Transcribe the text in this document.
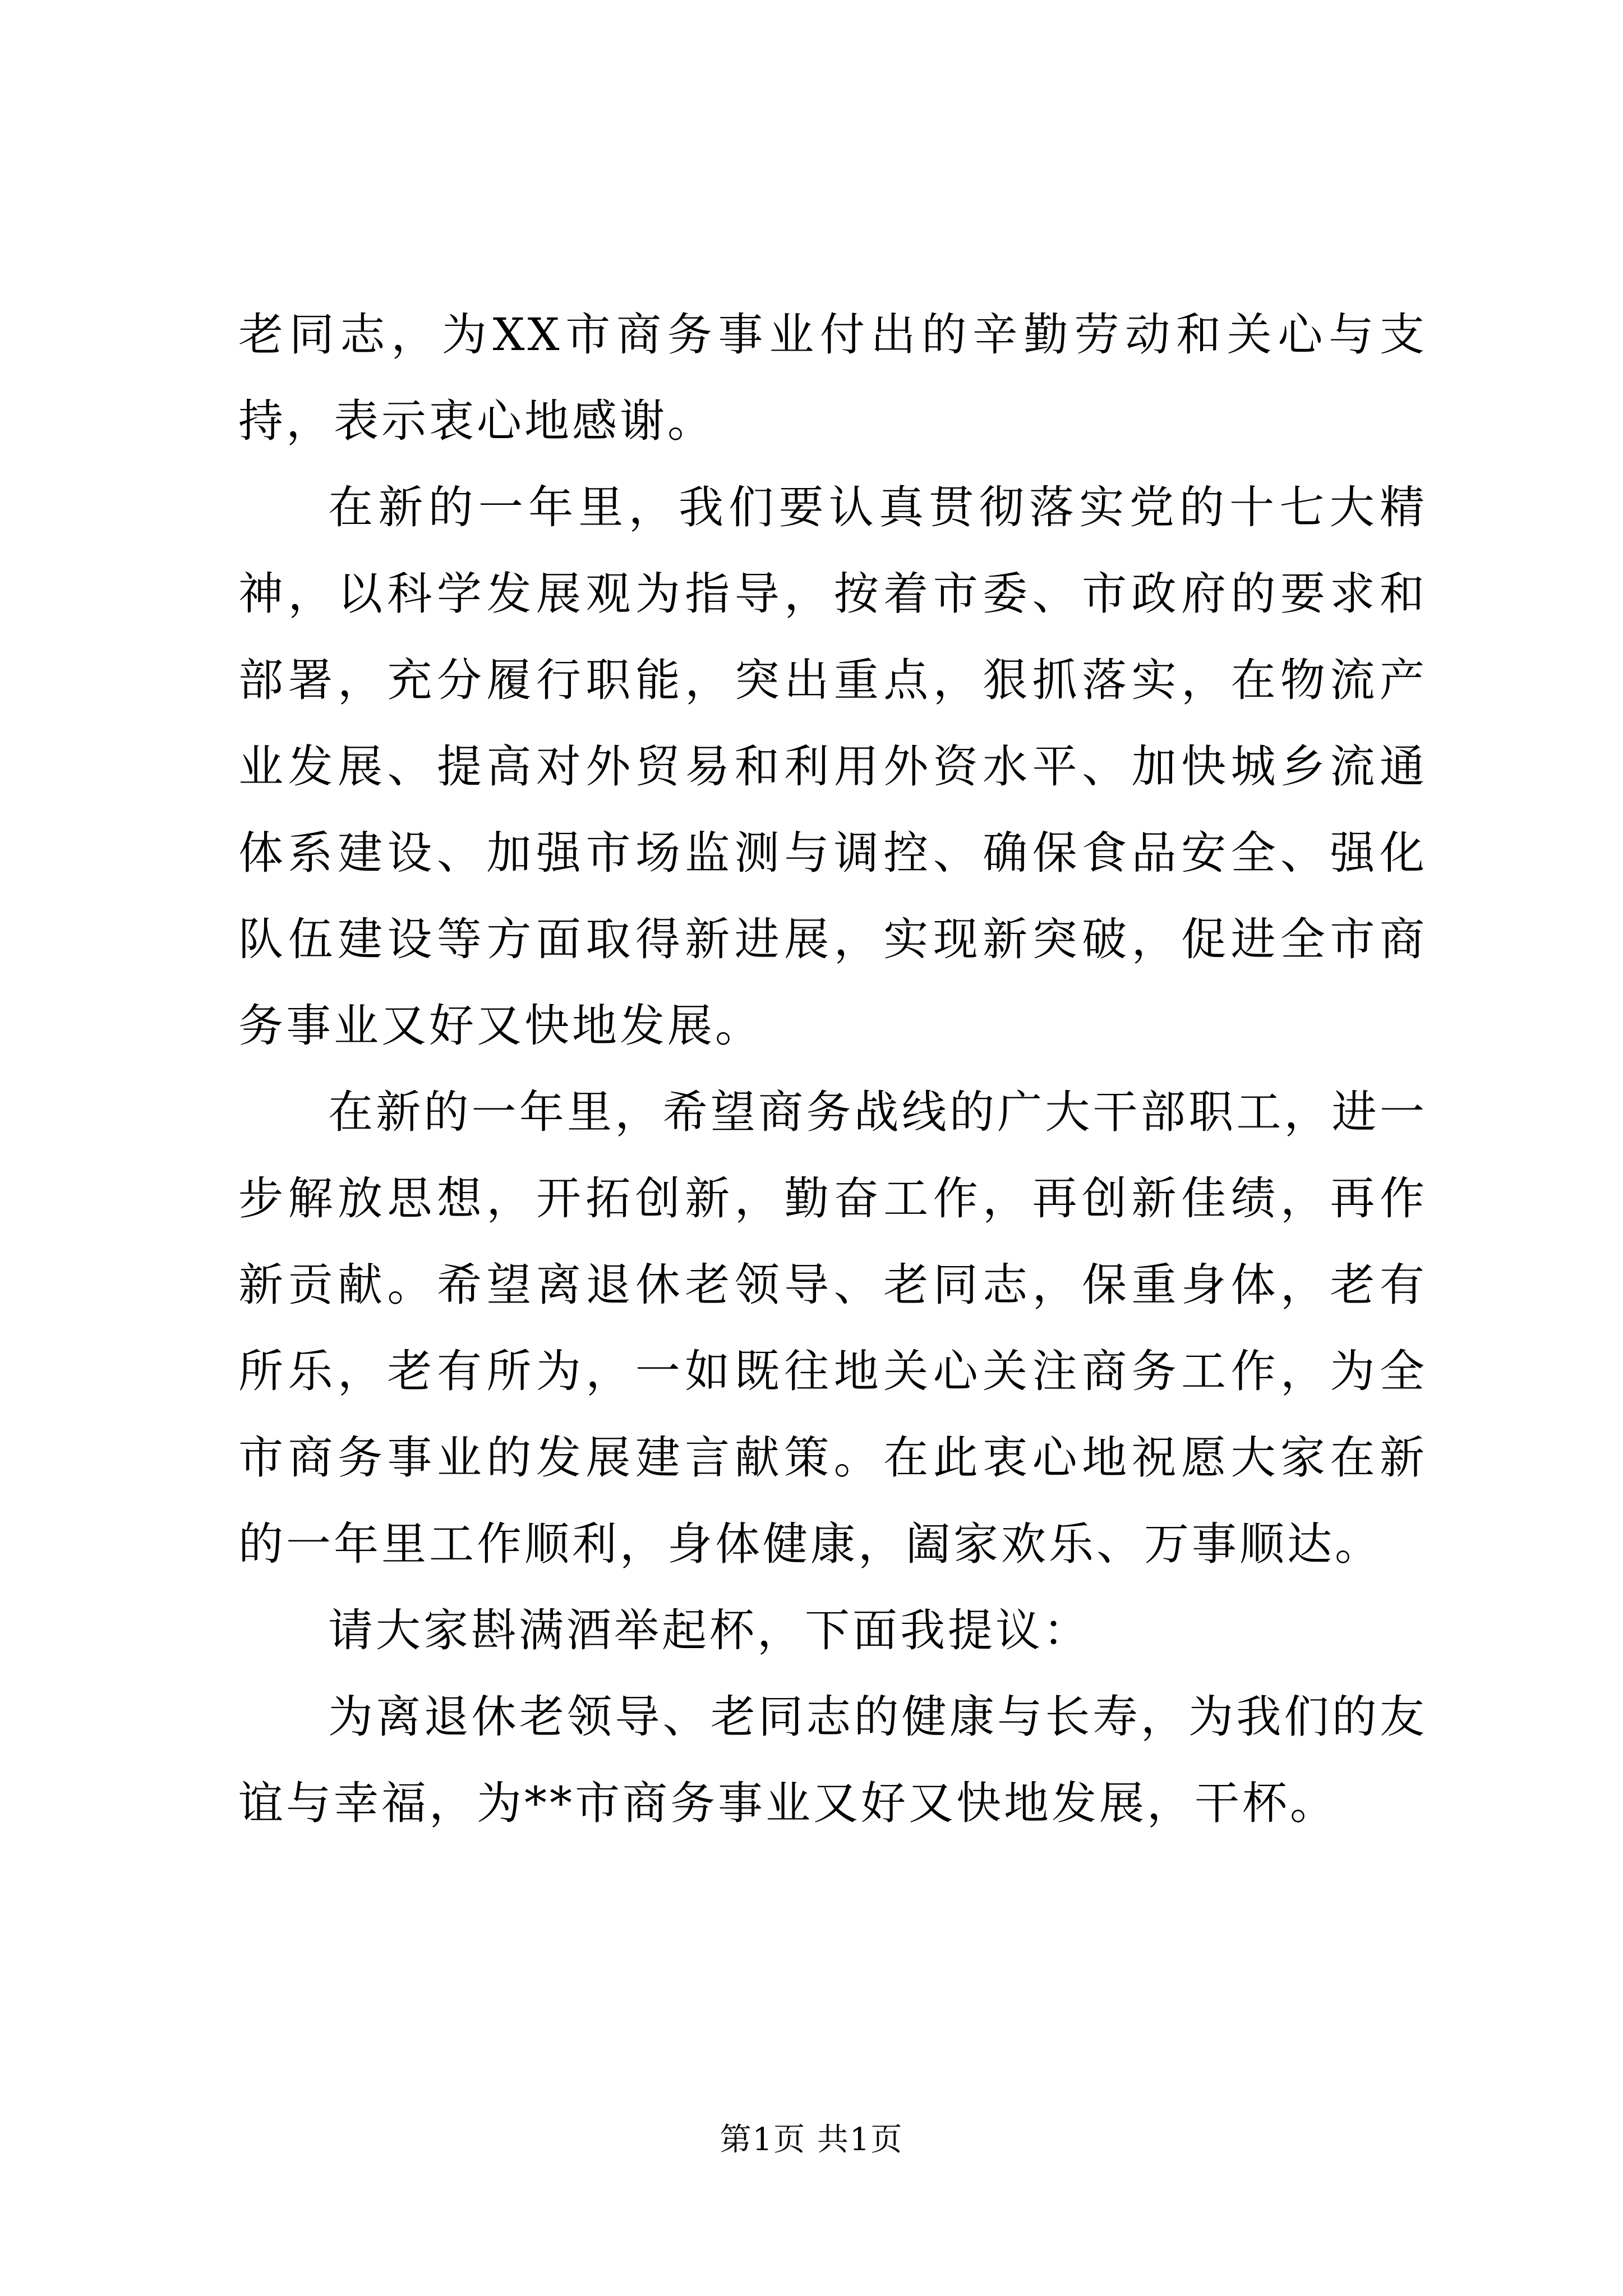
老同志，为XX市商务事业付出的辛勤劳动和关心与支持，表示衷心地感谢。

在新的一年里，我们要认真贯彻落实党的十七大精神，以科学发展观为指导，按着市委、市政府的要求和部署，充分履行职能，突出重点，狠抓落实，在物流产业发展、提高对外贸易和利用外资水平、加快城乡流通体系建设、加强市场监测与调控、确保食品安全、强化队伍建设等方面取得新进展，实现新突破，促进全市商务事业又好又快地发展。

在新的一年里，希望商务战线的广大干部职工，进一步解放思想，开拓创新，勤奋工作，再创新佳绩，再作新贡献。希望离退休老领导、老同志，保重身体，老有所乐，老有所为，一如既往地关心关注商务工作，为全市商务事业的发展建言献策。在此衷心地祝愿大家在新的一年里工作顺利，身体健康，阖家欢乐、万事顺达。

请大家斟满酒举起杯，下面我提议：

为离退休老领导、老同志的健康与长寿，为我们的友谊与幸福，为**市商务事业又好又快地发展，干杯。

第1页 共1页
